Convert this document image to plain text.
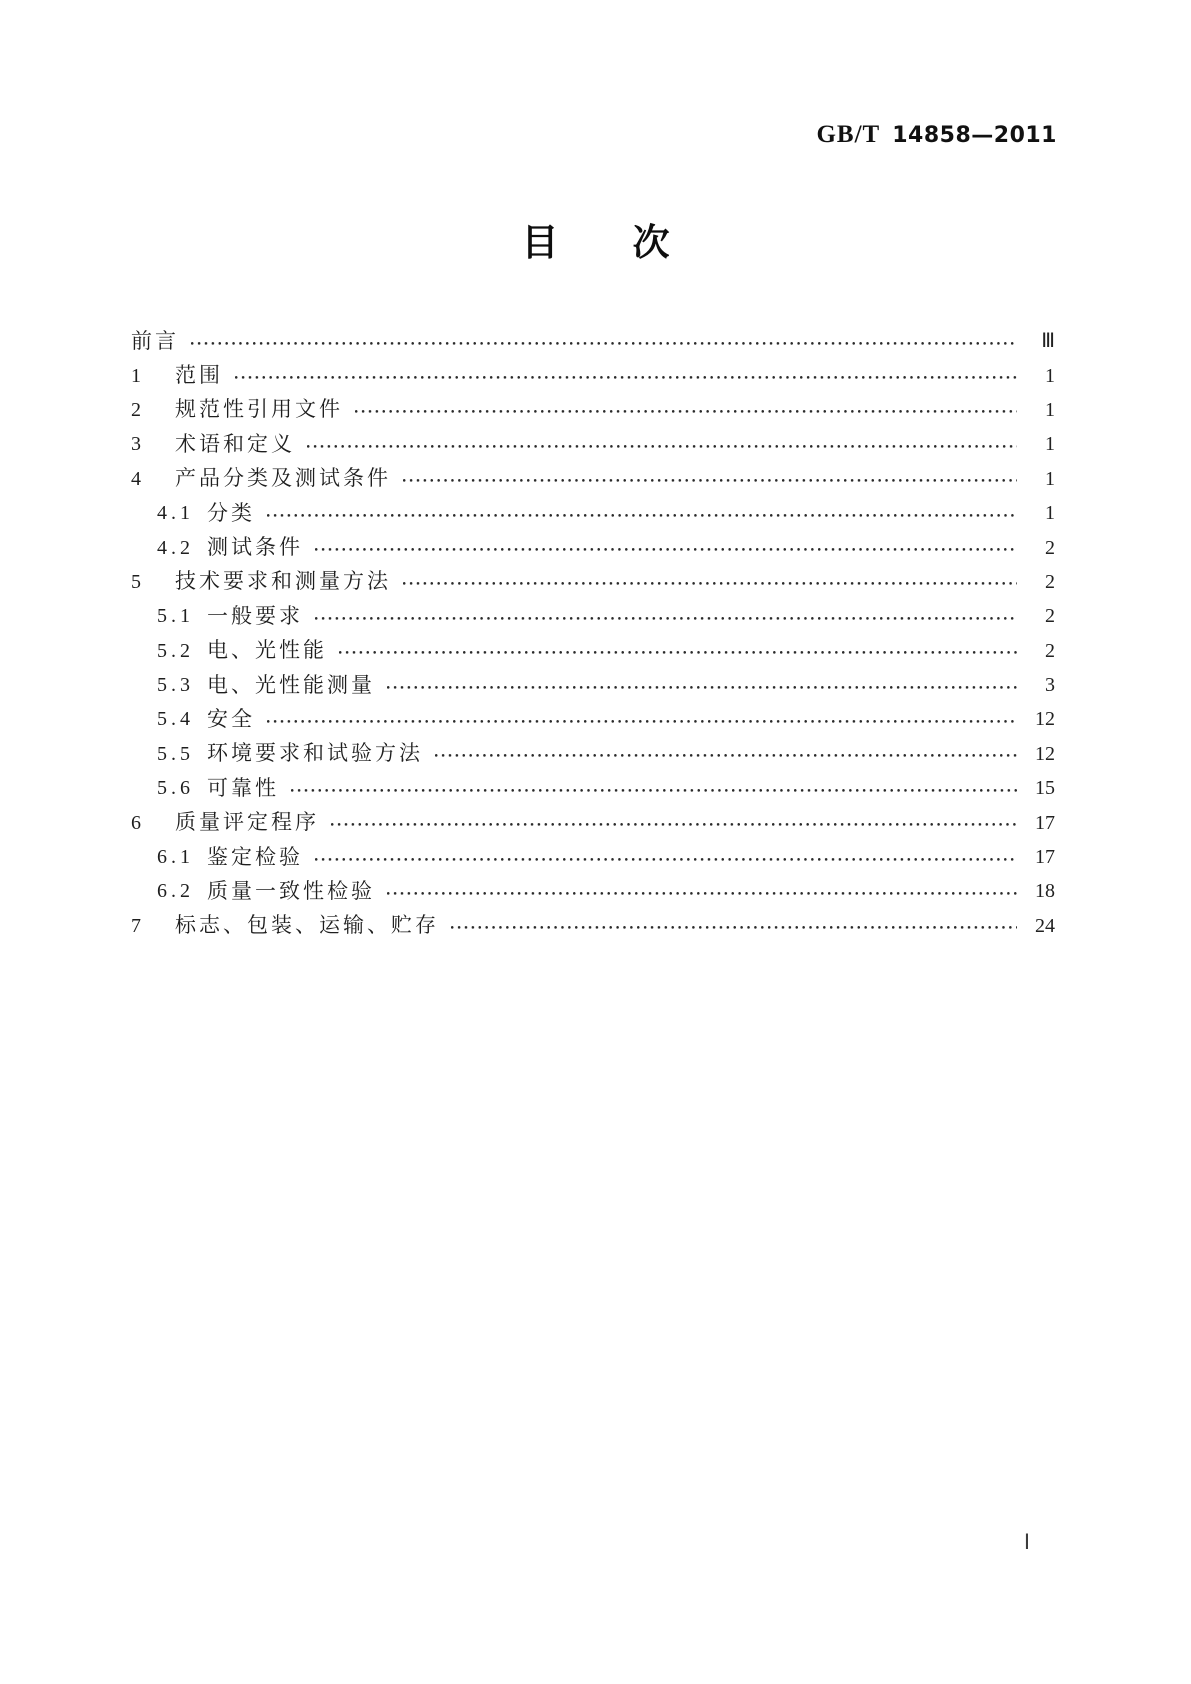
GB/T 14858—2011
目　　次
前言	Ⅲ
1	范围	1
2	规范性引用文件	1
3	术语和定义	1
4	产品分类及测试条件	1
4.1 分类	1
4.2 测试条件	2
5	技术要求和测量方法	2
5.1 一般要求	2
5.2 电、光性能	2
5.3 电、光性能测量	3
5.4 安全	12
5.5 环境要求和试验方法	12
5.6 可靠性	15
6	质量评定程序	17
6.1 鉴定检验	17
6.2 质量一致性检验	18
7	标志、包装、运输、贮存	24
Ⅰ
